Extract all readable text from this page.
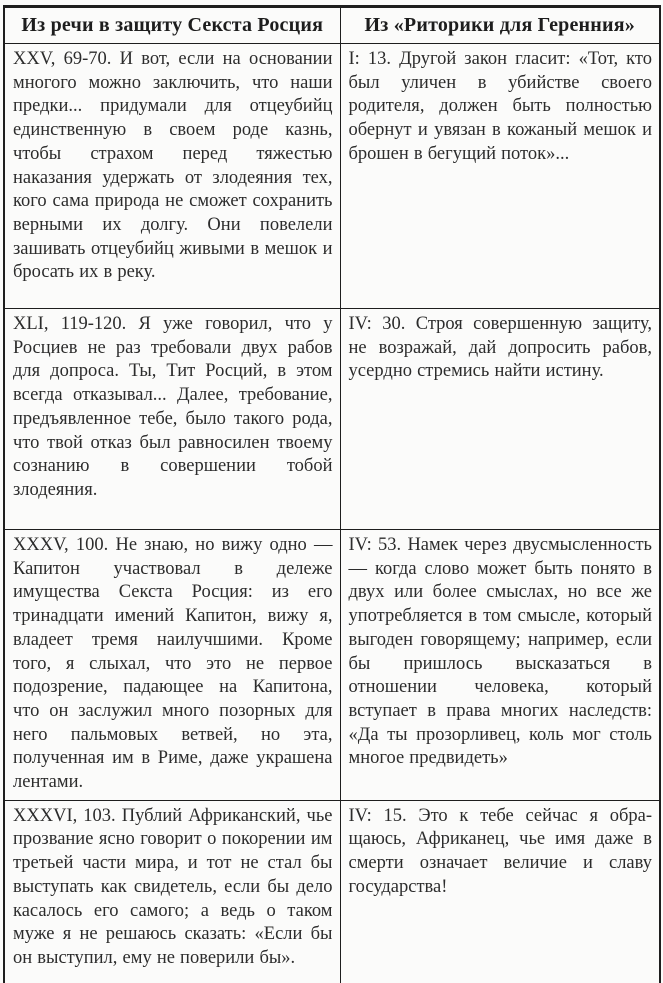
Из речи в защиту Секста Росция	Из «Риторики для Геренния»
XXV, 69-70. И вот, если на основании многого можно заключить, что наши предки... придумали для отцеубийц единственную в своем роде казнь, чтобы страхом перед тяжестью наказания удержать от злодеяния тех, кого сама природа не сможет сохранить верными их долгу. Они повелели зашивать отцеубийц живыми в мешок и бросать их в реку.	I: 13. Другой закон гласит: «Тот, кто был уличен в убийстве своего родителя, должен быть полностью обернут и увязан в кожаный мешок и брошен в бегущий поток»...
XLI, 119-120. Я уже говорил, что у Росциев не раз требовали двух рабов для допроса. Ты, Тит Росций, в этом всегда отказывал... Далее, требование, предъявленное тебе, было такого рода, что твой отказ был равносилен твоему сознанию в совершении тобой злодеяния.	IV: 30. Строя совершенную защиту, не возражай, дай допросить рабов, усердно стремись найти истину.
XXXV, 100. Не знаю, но вижу одно — Капитон участвовал в дележе имущества Секста Росция: из его тринадцати имений Капитон, вижу я, владеет тремя наилучшими. Кроме того, я слыхал, что это не первое подозрение, падающее на Капитона, что он заслужил много позорных для него пальмовых ветвей, но эта, полученная им в Риме, даже украшена лентами.	IV: 53. Намек через двусмысленность — когда слово может быть понято в двух или более смыслах, но все же употребляется в том смысле, который выгоден говорящему; например, если бы пришлось высказаться в отношении человека, который вступает в права многих наследств: «Да ты прозорливец, коль мог столь многое предвидеть»
XXXVI, 103. Публий Африканский, чье прозвание ясно говорит о покорении им третьей части мира, и тот не стал бы выступать как свидетель, если бы дело касалось его самого; а ведь о таком муже я не решаюсь сказать: «Если бы он выступил, ему не поверили бы».	IV: 15. Это к тебе сейчас я обращаюсь, Африканец, чье имя даже в смерти означает величие и славу государства!
